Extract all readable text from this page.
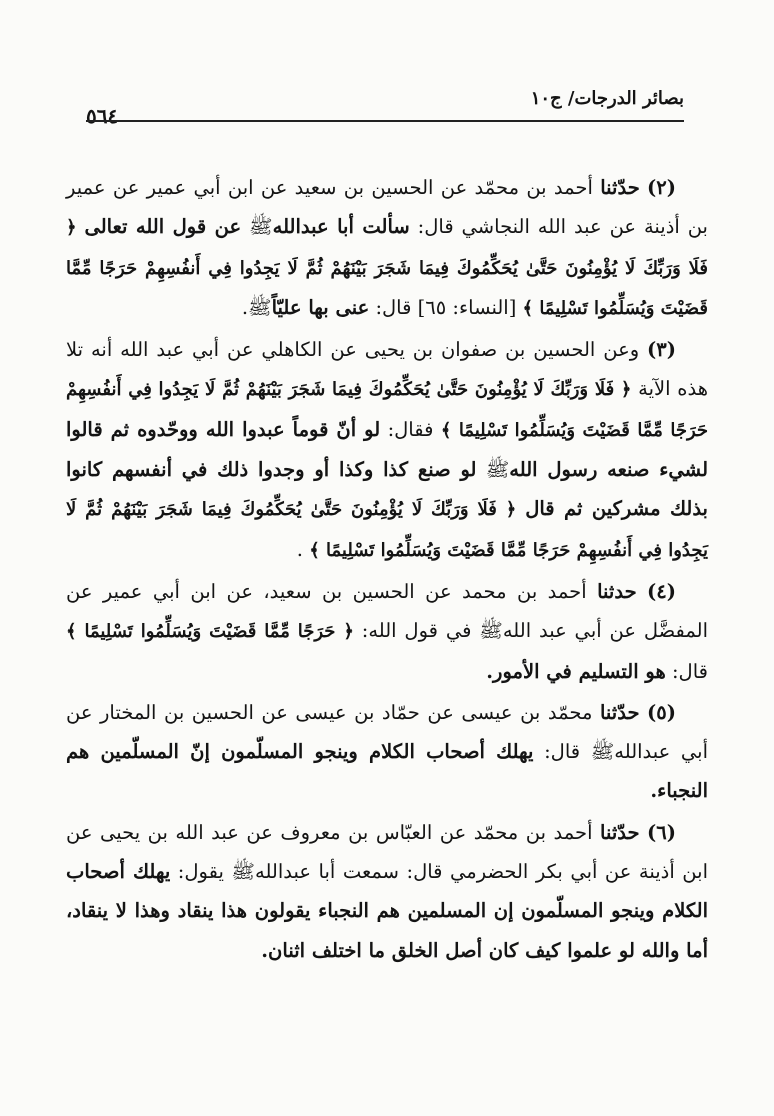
بصائر الدرجات/ ج١٠
٥٦٤

(٢) حدّثنا أحمد بن محمّد عن الحسين بن سعيد عن ابن أبي عمير عن عمير بن أذينة عن عبد الله النجاشي قال: سألت أبا عبداللهﷺ عن قول الله تعالى ﴿ فَلَا وَرَبِّكَ لَا يُؤْمِنُونَ حَتَّىٰ يُحَكِّمُوكَ فِيمَا شَجَرَ بَيْنَهُمْ ثُمَّ لَا يَجِدُوا فِي أَنفُسِهِمْ حَرَجًا مِّمَّا قَضَيْتَ وَيُسَلِّمُوا تَسْلِيمًا ﴾ [النساء: ٦٥] قال: عنى بها عليّاًﷺ.

(٣) وعن الحسين بن صفوان بن يحيى عن الكاهلي عن أبي عبد الله أنه تلا هذه الآية ﴿ فَلَا وَرَبِّكَ لَا يُؤْمِنُونَ حَتَّىٰ يُحَكِّمُوكَ فِيمَا شَجَرَ بَيْنَهُمْ ثُمَّ لَا يَجِدُوا فِي أَنفُسِهِمْ حَرَجًا مِّمَّا قَضَيْتَ وَيُسَلِّمُوا تَسْلِيمًا ﴾ فقال: لو أنّ قوماً عبدوا الله ووحّدوه ثم قالوا لشيء صنعه رسول اللهﷺ لو صنع كذا وكذا أو وجدوا ذلك في أنفسهم كانوا بذلك مشركين ثم قال ﴿ فَلَا وَرَبِّكَ لَا يُؤْمِنُونَ حَتَّىٰ يُحَكِّمُوكَ فِيمَا شَجَرَ بَيْنَهُمْ ثُمَّ لَا يَجِدُوا فِي أَنفُسِهِمْ حَرَجًا مِّمَّا قَضَيْتَ وَيُسَلِّمُوا تَسْلِيمًا ﴾ .

(٤) حدثنا أحمد بن محمد عن الحسين بن سعيد، عن ابن أبي عمير عن المفضَّل عن أبي عبد اللهﷺ في قول الله: ﴿ حَرَجًا مِّمَّا قَضَيْتَ وَيُسَلِّمُوا تَسْلِيمًا ﴾ قال: هو التسليم في الأمور.

(٥) حدّثنا محمّد بن عيسى عن حمّاد بن عيسى عن الحسين بن المختار عن أبي عبداللهﷺ قال: يهلك أصحاب الكلام وينجو المسلّمون إنّ المسلّمين هم النجباء.

(٦) حدّثنا أحمد بن محمّد عن العبّاس بن معروف عن عبد الله بن يحيى عن ابن أذينة عن أبي بكر الحضرمي قال: سمعت أبا عبداللهﷺ يقول: يهلك أصحاب الكلام وينجو المسلّمون إن المسلمين هم النجباء يقولون هذا ينقاد وهذا لا ينقاد، أما والله لو علموا كيف كان أصل الخلق ما اختلف اثنان.
